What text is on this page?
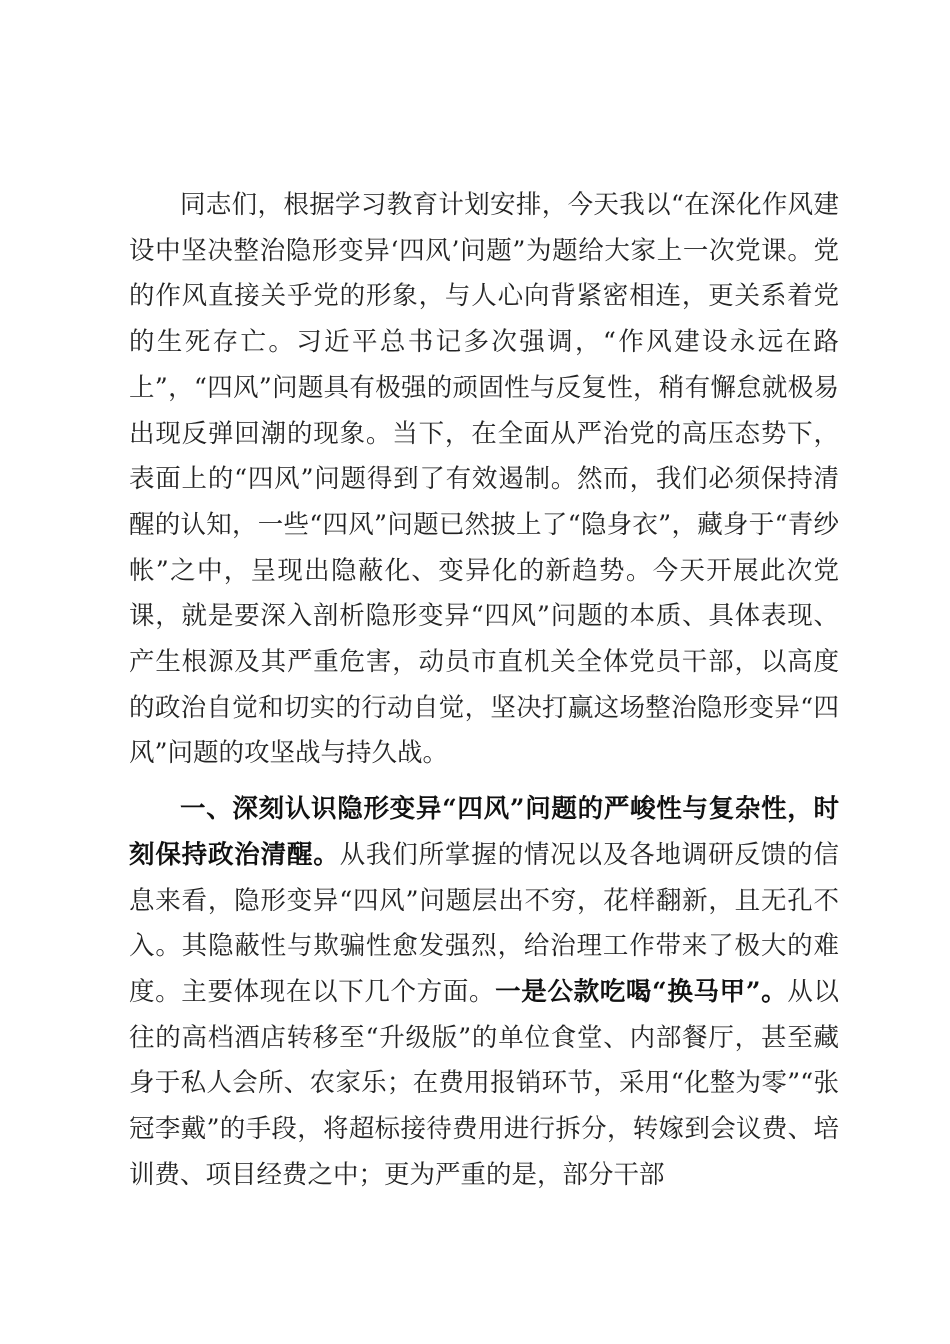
同志们，根据学习教育计划安排，今天我以“在深化作风建设中坚决整治隐形变异‘四风’问题”为题给大家上一次党课。党的作风直接关乎党的形象，与人心向背紧密相连，更关系着党的生死存亡。习近平总书记多次强调，“作风建设永远在路上”，“四风”问题具有极强的顽固性与反复性，稍有懈怠就极易出现反弹回潮的现象。当下，在全面从严治党的高压态势下，表面上的“四风”问题得到了有效遏制。然而，我们必须保持清醒的认知，一些“四风”问题已然披上了“隐身衣”，藏身于“青纱帐”之中，呈现出隐蔽化、变异化的新趋势。今天开展此次党课，就是要深入剖析隐形变异“四风”问题的本质、具体表现、产生根源及其严重危害，动员市直机关全体党员干部，以高度的政治自觉和切实的行动自觉，坚决打赢这场整治隐形变异“四风”问题的攻坚战与持久战。

一、深刻认识隐形变异“四风”问题的严峻性与复杂性，时刻保持政治清醒。从我们所掌握的情况以及各地调研反馈的信息来看，隐形变异“四风”问题层出不穷，花样翻新，且无孔不入。其隐蔽性与欺骗性愈发强烈，给治理工作带来了极大的难度。主要体现在以下几个方面。一是公款吃喝“换马甲”。从以往的高档酒店转移至“升级版”的单位食堂、内部餐厅，甚至藏身于私人会所、农家乐；在费用报销环节，采用“化整为零”“张冠李戴”的手段，将超标接待费用进行拆分，转嫁到会议费、培训费、项目经费之中；更为严重的是，部分干部
